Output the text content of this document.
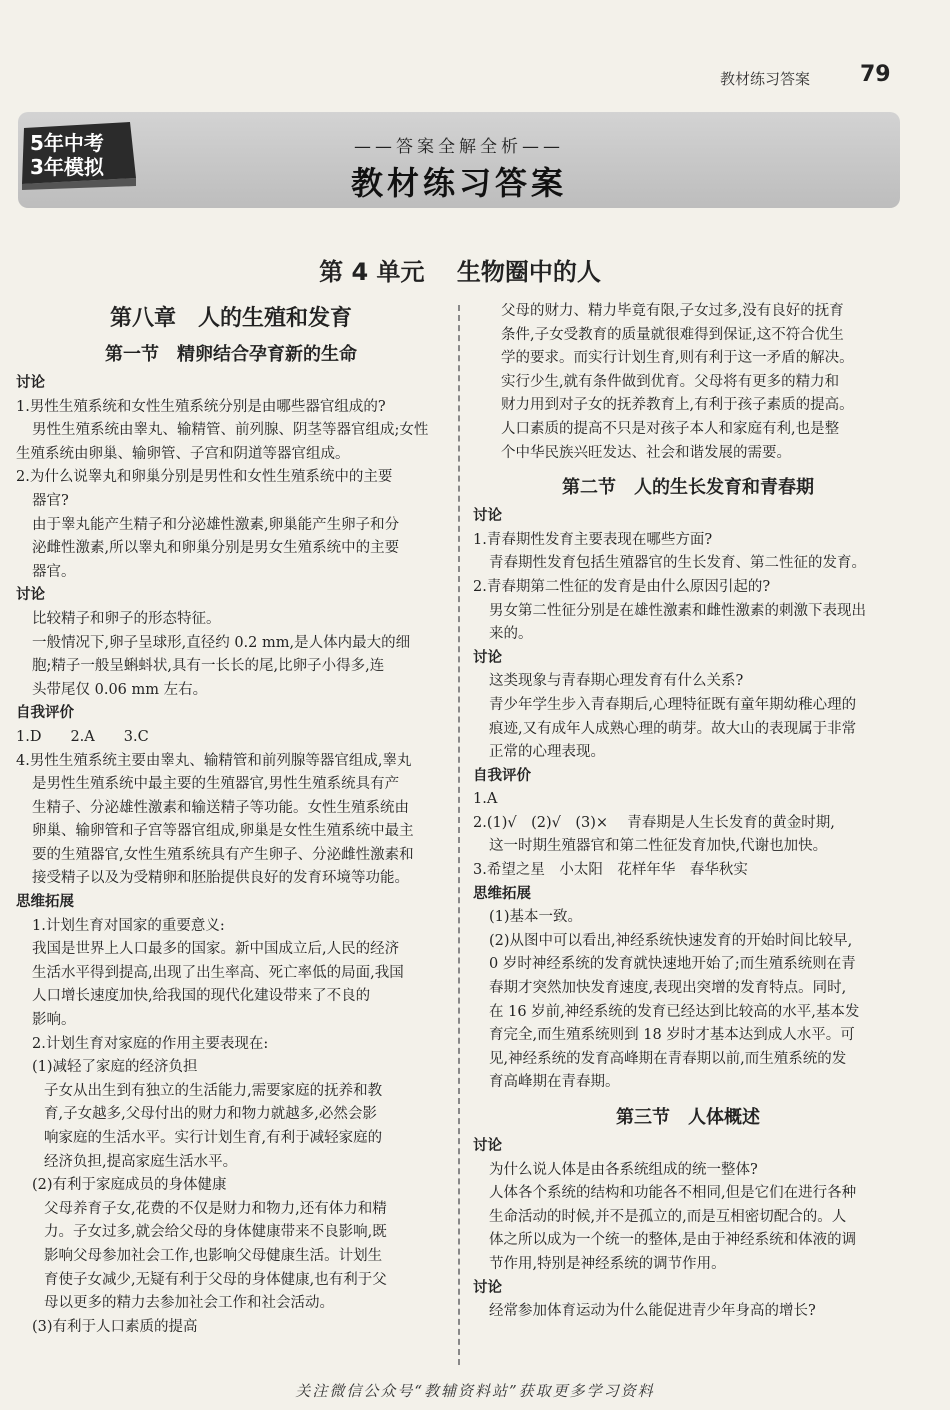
教材练习答案 79
——答案全解全析——
教材练习答案
5年中考
3年模拟
第 4 单元　 生物圈中的人

第八章　人的生殖和发育

第一节　精卵结合孕育新的生命

讨论

1.男性生殖系统和女性生殖系统分别是由哪些器官组成的?

男性生殖系统由睾丸、输精管、前列腺、阴茎等器官组成;女性

生殖系统由卵巢、输卵管、子宫和阴道等器官组成。

2.为什么说睾丸和卵巢分别是男性和女性生殖系统中的主要

器官?

由于睾丸能产生精子和分泌雄性激素,卵巢能产生卵子和分

泌雌性激素,所以睾丸和卵巢分别是男女生殖系统中的主要

器官。

讨论

比较精子和卵子的形态特征。

一般情况下,卵子呈球形,直径约 0.2 mm,是人体内最大的细

胞;精子一般呈蝌蚪状,具有一长长的尾,比卵子小得多,连

头带尾仅 0.06 mm 左右。

自我评价

1.D　　2.A　　3.C

4.男性生殖系统主要由睾丸、输精管和前列腺等器官组成,睾丸

是男性生殖系统中最主要的生殖器官,男性生殖系统具有产

生精子、分泌雄性激素和输送精子等功能。女性生殖系统由

卵巢、输卵管和子宫等器官组成,卵巢是女性生殖系统中最主

要的生殖器官,女性生殖系统具有产生卵子、分泌雌性激素和

接受精子以及为受精卵和胚胎提供良好的发育环境等功能。

思维拓展

1.计划生育对国家的重要意义:

我国是世界上人口最多的国家。新中国成立后,人民的经济

生活水平得到提高,出现了出生率高、死亡率低的局面,我国

人口增长速度加快,给我国的现代化建设带来了不良的

影响。

2.计划生育对家庭的作用主要表现在:

(1)减轻了家庭的经济负担

子女从出生到有独立的生活能力,需要家庭的抚养和教

育,子女越多,父母付出的财力和物力就越多,必然会影

响家庭的生活水平。实行计划生育,有利于减轻家庭的

经济负担,提高家庭生活水平。

(2)有利于家庭成员的身体健康

父母养育子女,花费的不仅是财力和物力,还有体力和精

力。子女过多,就会给父母的身体健康带来不良影响,既

影响父母参加社会工作,也影响父母健康生活。计划生

育使子女减少,无疑有利于父母的身体健康,也有利于父

母以更多的精力去参加社会工作和社会活动。

(3)有利于人口素质的提高

父母的财力、精力毕竟有限,子女过多,没有良好的抚育

条件,子女受教育的质量就很难得到保证,这不符合优生

学的要求。而实行计划生育,则有利于这一矛盾的解决。

实行少生,就有条件做到优育。父母将有更多的精力和

财力用到对子女的抚养教育上,有利于孩子素质的提高。

人口素质的提高不只是对孩子本人和家庭有利,也是整

个中华民族兴旺发达、社会和谐发展的需要。

第二节　人的生长发育和青春期

讨论

1.青春期性发育主要表现在哪些方面?

青春期性发育包括生殖器官的生长发育、第二性征的发育。

2.青春期第二性征的发育是由什么原因引起的?

男女第二性征分别是在雄性激素和雌性激素的刺激下表现出

来的。

讨论

这类现象与青春期心理发育有什么关系?

青少年学生步入青春期后,心理特征既有童年期幼稚心理的

痕迹,又有成年人成熟心理的萌芽。故大山的表现属于非常

正常的心理表现。

自我评价

1.A

2.(1)√　(2)√　(3)×　 青春期是人生长发育的黄金时期,

这一时期生殖器官和第二性征发育加快,代谢也加快。

3.希望之星　小太阳　花样年华　春华秋实

思维拓展

(1)基本一致。

(2)从图中可以看出,神经系统快速发育的开始时间比较早,

0 岁时神经系统的发育就快速地开始了;而生殖系统则在青

春期才突然加快发育速度,表现出突增的发育特点。同时,

在 16 岁前,神经系统的发育已经达到比较高的水平,基本发

育完全,而生殖系统则到 18 岁时才基本达到成人水平。可

见,神经系统的发育高峰期在青春期以前,而生殖系统的发

育高峰期在青春期。

第三节　人体概述

讨论

为什么说人体是由各系统组成的统一整体?

人体各个系统的结构和功能各不相同,但是它们在进行各种

生命活动的时候,并不是孤立的,而是互相密切配合的。人

体之所以成为一个统一的整体,是由于神经系统和体液的调

节作用,特别是神经系统的调节作用。

讨论

经常参加体育运动为什么能促进青少年身高的增长?

关注微信公众号“教辅资料站”获取更多学习资料
